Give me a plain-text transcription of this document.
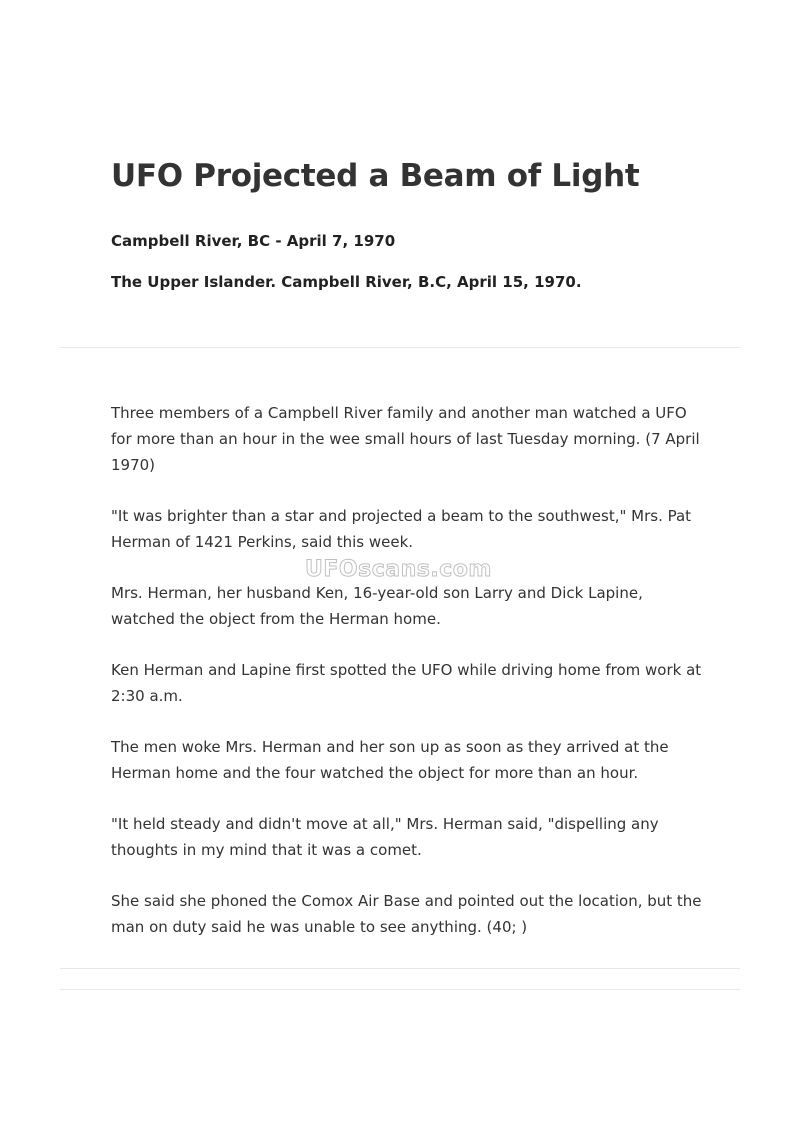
UFO Projected a Beam of Light

Campbell River, BC - April 7, 1970

The Upper Islander. Campbell River, B.C, April 15, 1970.

Three members of a Campbell River family and another man watched a UFO for more than an hour in the wee small hours of last Tuesday morning. (7 April 1970)

"It was brighter than a star and projected a beam to the southwest," Mrs. Pat Herman of 1421 Perkins, said this week.

Mrs. Herman, her husband Ken, 16-year-old son Larry and Dick Lapine, watched the object from the Herman home.

Ken Herman and Lapine first spotted the UFO while driving home from work at 2:30 a.m.

The men woke Mrs. Herman and her son up as soon as they arrived at the Herman home and the four watched the object for more than an hour.

"It held steady and didn't move at all," Mrs. Herman said, "dispelling any thoughts in my mind that it was a comet.

She said she phoned the Comox Air Base and pointed out the location, but the man on duty said he was unable to see anything. (40; )

UFOscans.com
